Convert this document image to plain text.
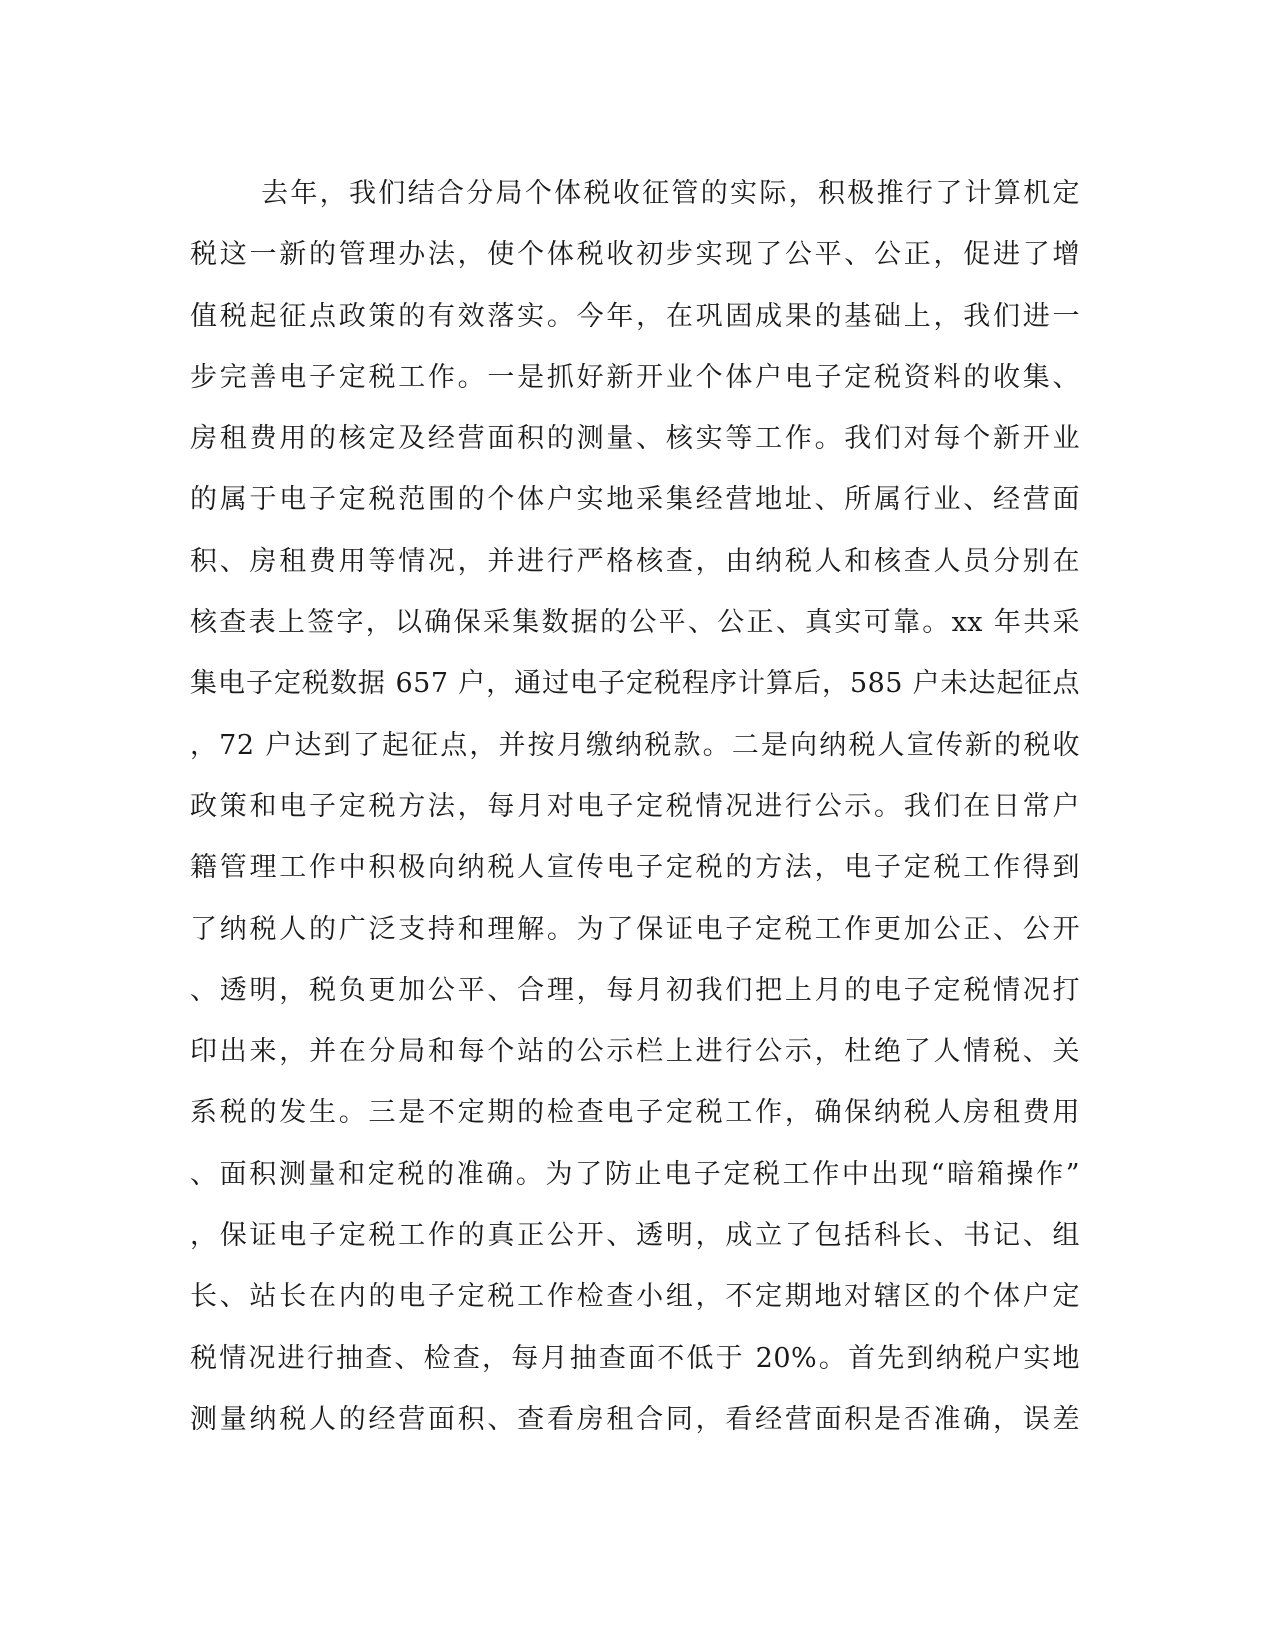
去年，我们结合分局个体税收征管的实际，积极推行了计算机定
税这一新的管理办法，使个体税收初步实现了公平、公正，促进了增
值税起征点政策的有效落实。今年，在巩固成果的基础上，我们进一
步完善电子定税工作。一是抓好新开业个体户电子定税资料的收集、
房租费用的核定及经营面积的测量、核实等工作。我们对每个新开业
的属于电子定税范围的个体户实地采集经营地址、所属行业、经营面
积、房租费用等情况，并进行严格核查，由纳税人和核查人员分别在
核查表上签字，以确保采集数据的公平、公正、真实可靠。xx 年共采
集电子定税数据 657 户，通过电子定税程序计算后，585 户未达起征点
，72 户达到了起征点，并按月缴纳税款。二是向纳税人宣传新的税收
政策和电子定税方法，每月对电子定税情况进行公示。我们在日常户
籍管理工作中积极向纳税人宣传电子定税的方法，电子定税工作得到
了纳税人的广泛支持和理解。为了保证电子定税工作更加公正、公开
、透明，税负更加公平、合理，每月初我们把上月的电子定税情况打
印出来，并在分局和每个站的公示栏上进行公示，杜绝了人情税、关
系税的发生。三是不定期的检查电子定税工作，确保纳税人房租费用
、面积测量和定税的准确。为了防止电子定税工作中出现“暗箱操作”
，保证电子定税工作的真正公开、透明，成立了包括科长、书记、组
长、站长在内的电子定税工作检查小组，不定期地对辖区的个体户定
税情况进行抽查、检查，每月抽查面不低于 20%。首先到纳税户实地
测量纳税人的经营面积、查看房租合同，看经营面积是否准确，误差
